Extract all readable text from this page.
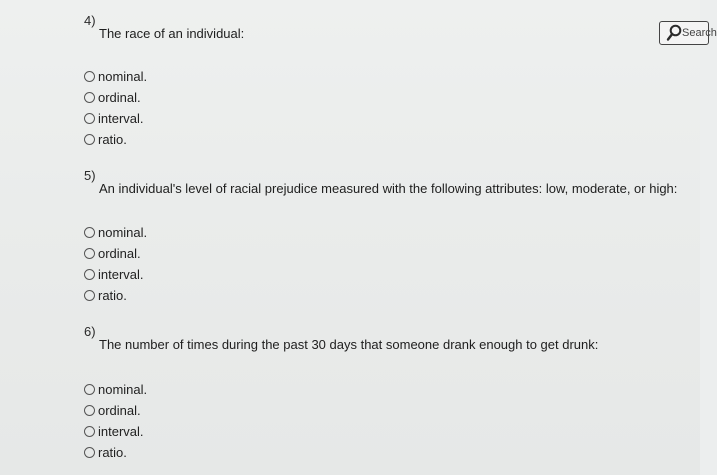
4)
The race of an individual:
nominal.
ordinal.
interval.
ratio.
5)
An individual's level of racial prejudice measured with the following attributes: low, moderate, or high:
nominal.
ordinal.
interval.
ratio.
6)
The number of times during the past 30 days that someone drank enough to get drunk:
nominal.
ordinal.
interval.
ratio.
Search
